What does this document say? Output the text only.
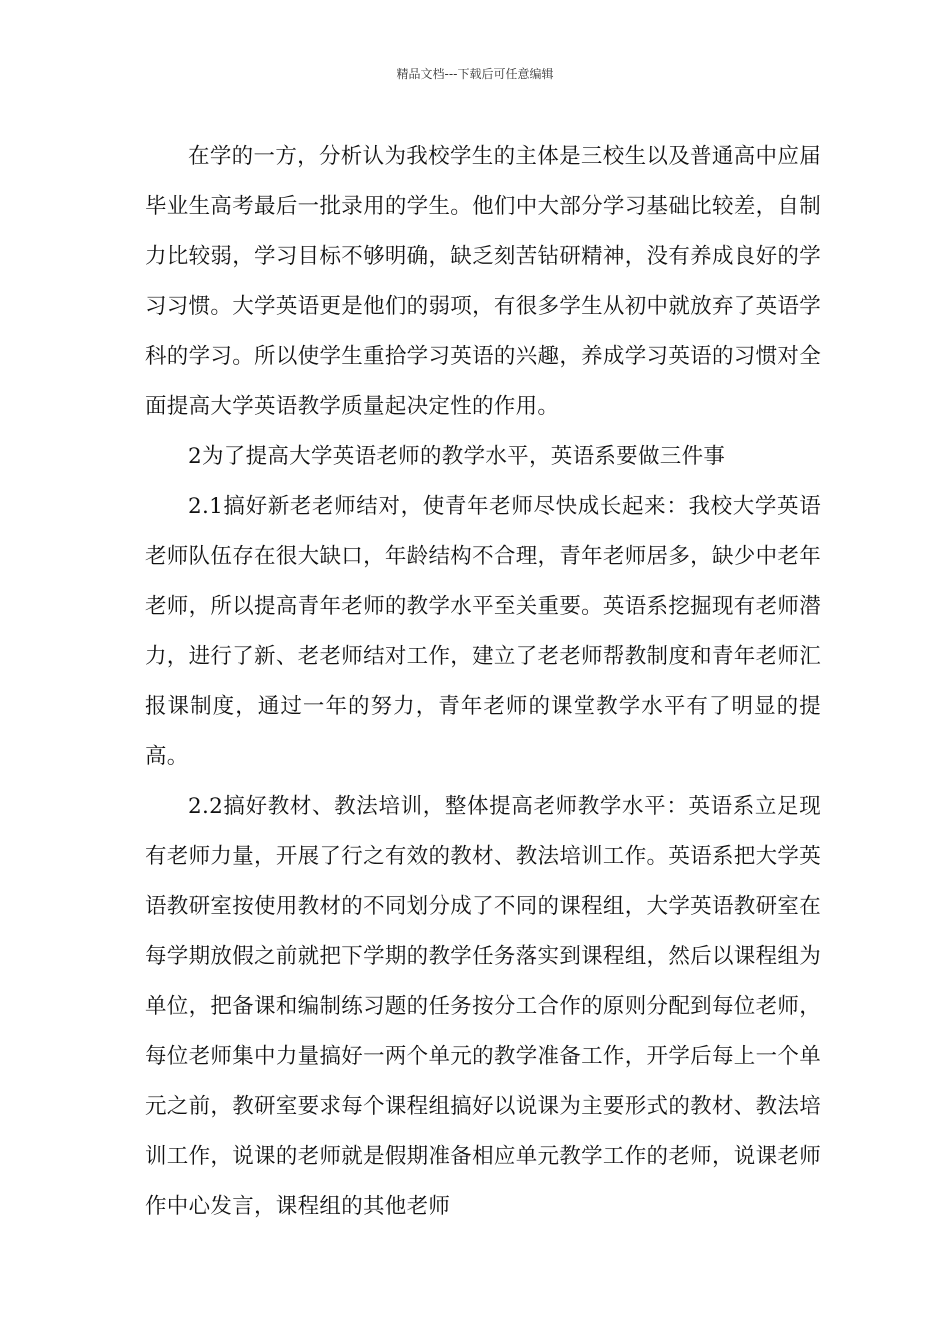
精品文档---下载后可任意编辑

在学的一方，分析认为我校学生的主体是三校生以及普通高中应届毕业生高考最后一批录用的学生。他们中大部分学习基础比较差，自制力比较弱，学习目标不够明确，缺乏刻苦钻研精神，没有养成良好的学习习惯。大学英语更是他们的弱项，有很多学生从初中就放弃了英语学科的学习。所以使学生重拾学习英语的兴趣，养成学习英语的习惯对全面提高大学英语教学质量起决定性的作用。

2为了提高大学英语老师的教学水平，英语系要做三件事

2.1搞好新老老师结对，使青年老师尽快成长起来：我校大学英语老师队伍存在很大缺口，年龄结构不合理，青年老师居多，缺少中老年老师，所以提高青年老师的教学水平至关重要。英语系挖掘现有老师潜力，进行了新、老老师结对工作，建立了老老师帮教制度和青年老师汇报课制度，通过一年的努力，青年老师的课堂教学水平有了明显的提高。

2.2搞好教材、教法培训，整体提高老师教学水平：英语系立足现有老师力量，开展了行之有效的教材、教法培训工作。英语系把大学英语教研室按使用教材的不同划分成了不同的课程组，大学英语教研室在每学期放假之前就把下学期的教学任务落实到课程组，然后以课程组为单位，把备课和编制练习题的任务按分工合作的原则分配到每位老师，每位老师集中力量搞好一两个单元的教学准备工作，开学后每上一个单元之前，教研室要求每个课程组搞好以说课为主要形式的教材、教法培训工作，说课的老师就是假期准备相应单元教学工作的老师，说课老师作中心发言，课程组的其他老师
